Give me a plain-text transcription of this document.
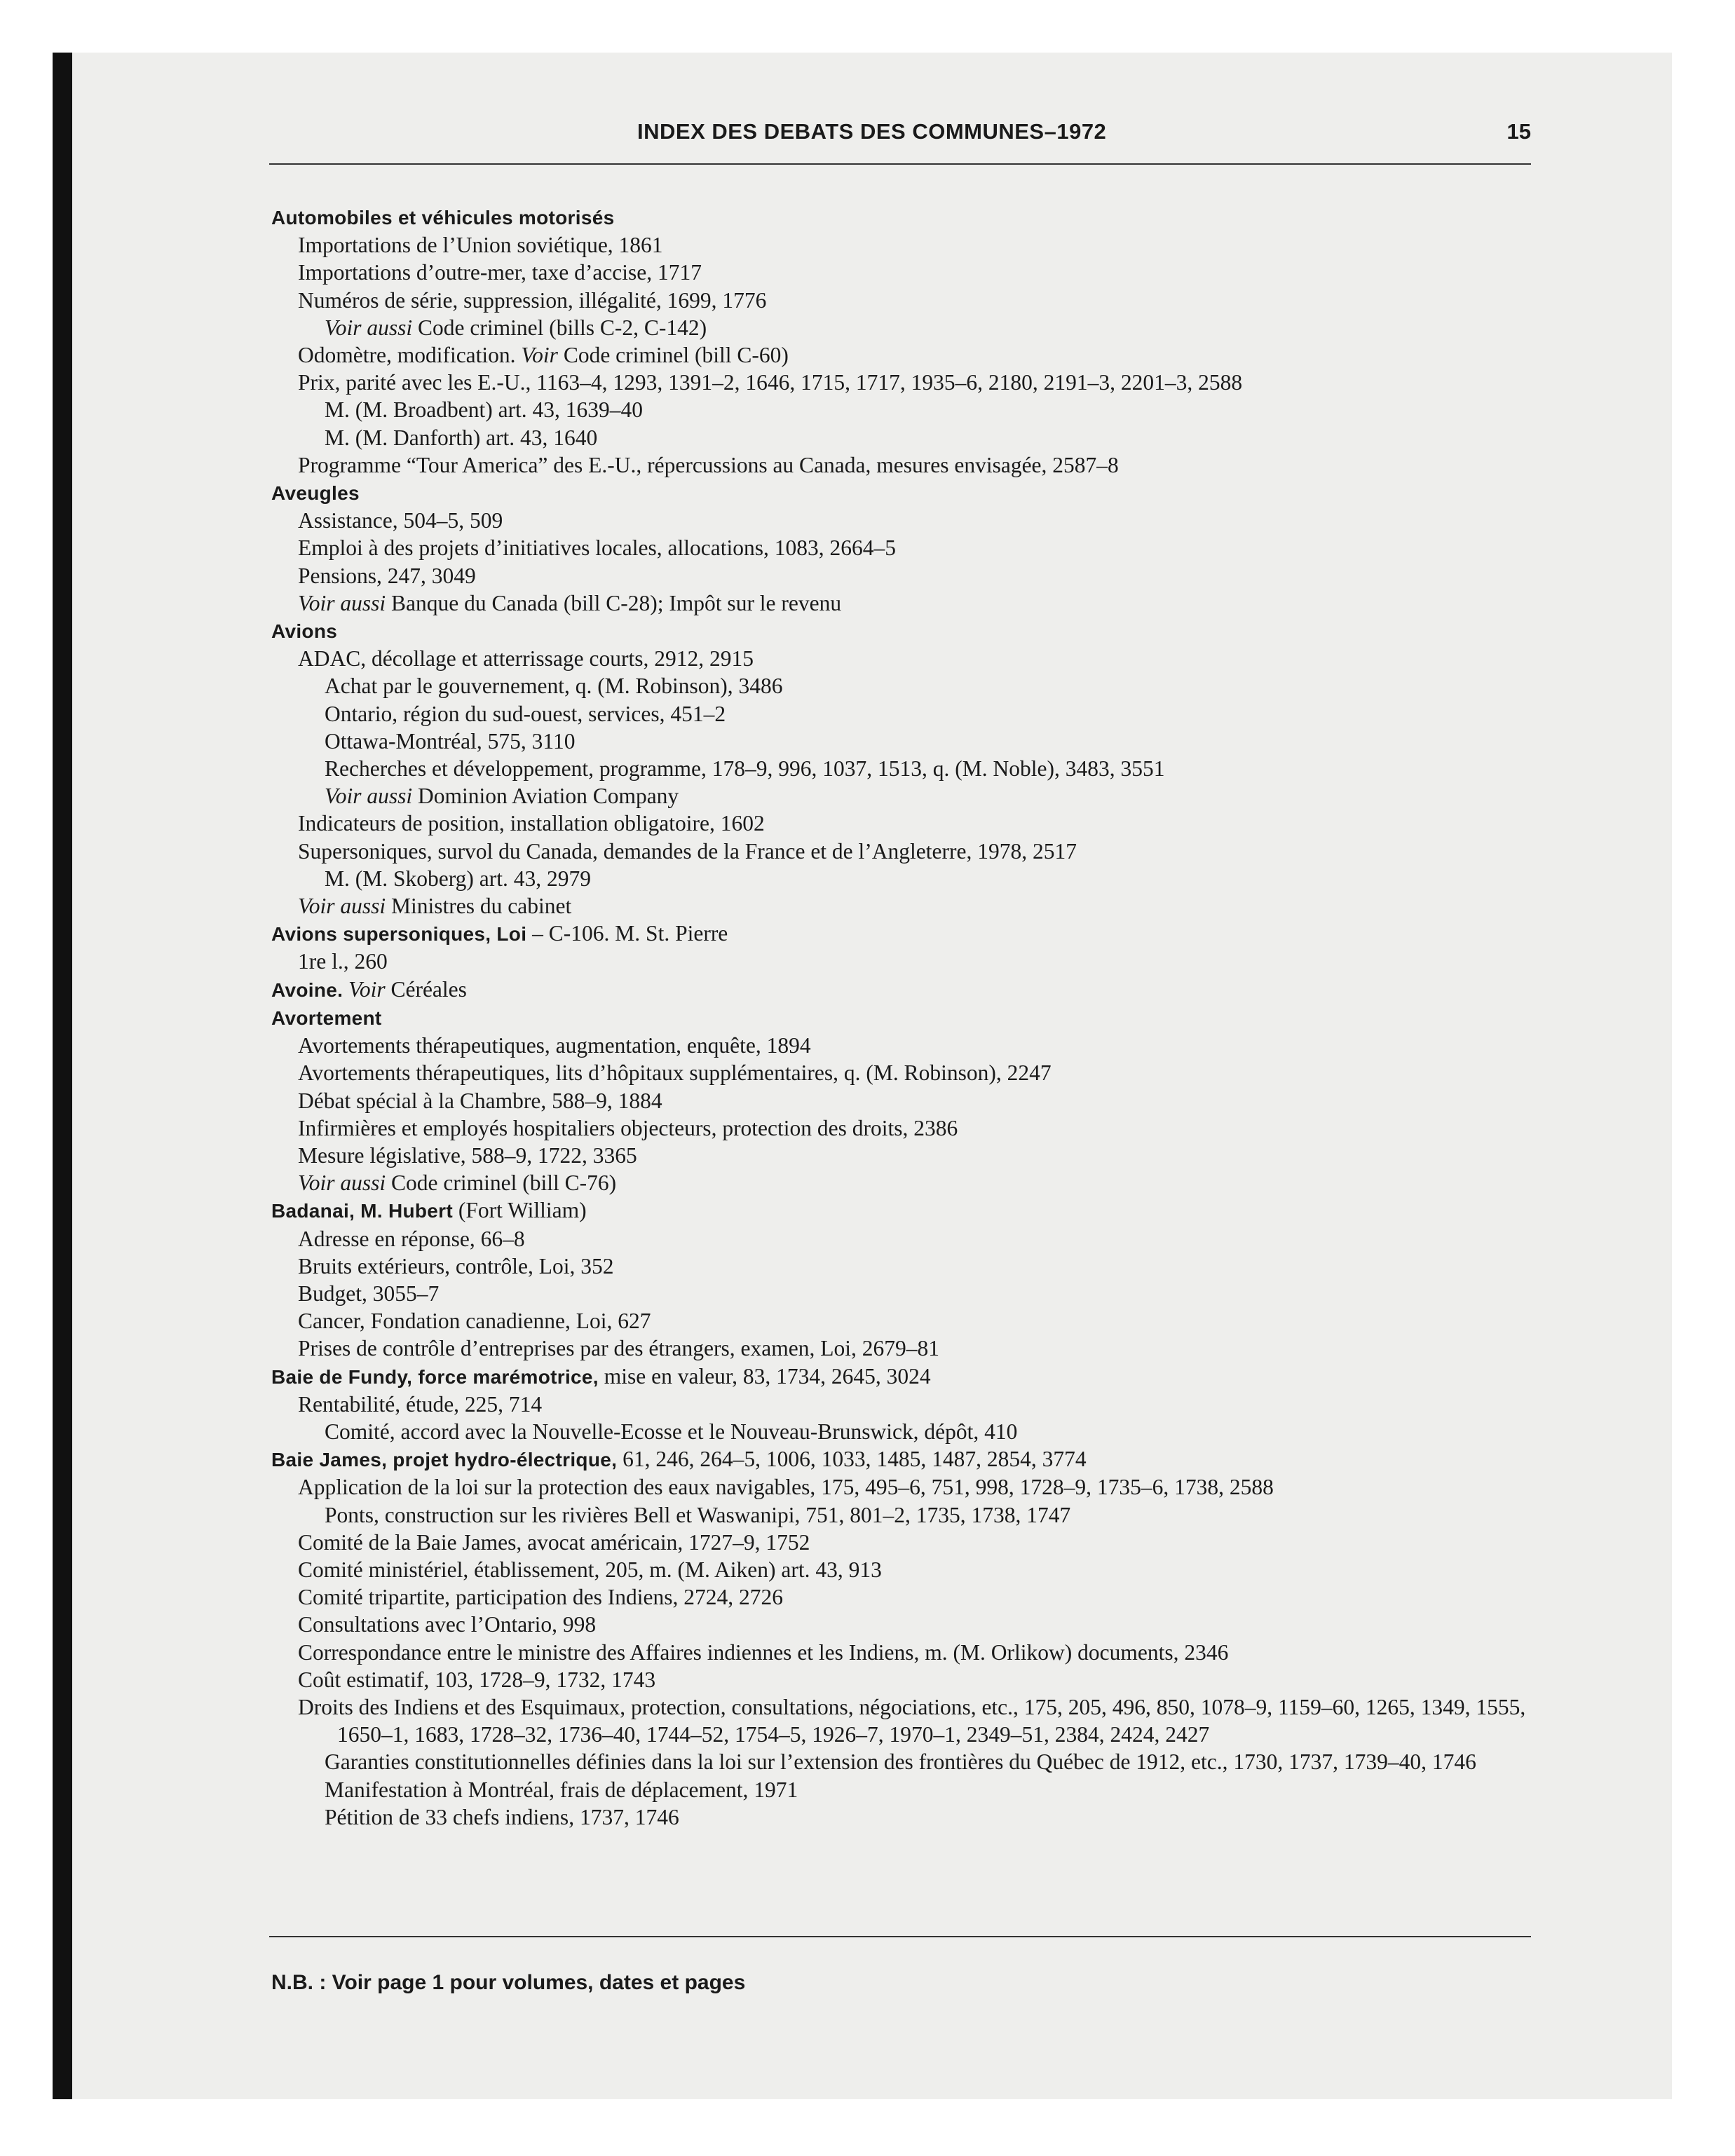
INDEX DES DEBATS DES COMMUNES–1972	15
Automobiles et véhicules motorisés
Importations de l’Union soviétique, 1861
Importations d’outre-mer, taxe d’accise, 1717
Numéros de série, suppression, illégalité, 1699, 1776
Voir aussi Code criminel (bills C-2, C-142)
Odomètre, modification. Voir Code criminel (bill C-60)
Prix, parité avec les E.-U., 1163–4, 1293, 1391–2, 1646, 1715, 1717, 1935–6, 2180, 2191–3, 2201–3, 2588
M. (M. Broadbent) art. 43, 1639–40
M. (M. Danforth) art. 43, 1640
Programme “Tour America” des E.-U., répercussions au Canada, mesures envisagée, 2587–8
Aveugles
Assistance, 504–5, 509
Emploi à des projets d’initiatives locales, allocations, 1083, 2664–5
Pensions, 247, 3049
Voir aussi Banque du Canada (bill C-28); Impôt sur le revenu
Avions
ADAC, décollage et atterrissage courts, 2912, 2915
Achat par le gouvernement, q. (M. Robinson), 3486
Ontario, région du sud-ouest, services, 451–2
Ottawa-Montréal, 575, 3110
Recherches et développement, programme, 178–9, 996, 1037, 1513, q. (M. Noble), 3483, 3551
Voir aussi Dominion Aviation Company
Indicateurs de position, installation obligatoire, 1602
Supersoniques, survol du Canada, demandes de la France et de l’Angleterre, 1978, 2517
M. (M. Skoberg) art. 43, 2979
Voir aussi Ministres du cabinet
Avions supersoniques, Loi – C-106. M. St. Pierre
1re l., 260
Avoine. Voir Céréales
Avortement
Avortements thérapeutiques, augmentation, enquête, 1894
Avortements thérapeutiques, lits d’hôpitaux supplémentaires, q. (M. Robinson), 2247
Débat spécial à la Chambre, 588–9, 1884
Infirmières et employés hospitaliers objecteurs, protection des droits, 2386
Mesure législative, 588–9, 1722, 3365
Voir aussi Code criminel (bill C-76)
Badanai, M. Hubert (Fort William)
Adresse en réponse, 66–8
Bruits extérieurs, contrôle, Loi, 352
Budget, 3055–7
Cancer, Fondation canadienne, Loi, 627
Prises de contrôle d’entreprises par des étrangers, examen, Loi, 2679–81
Baie de Fundy, force marémotrice, mise en valeur, 83, 1734, 2645, 3024
Rentabilité, étude, 225, 714
Comité, accord avec la Nouvelle-Ecosse et le Nouveau-Brunswick, dépôt, 410
Baie James, projet hydro-électrique, 61, 246, 264–5, 1006, 1033, 1485, 1487, 2854, 3774
Application de la loi sur la protection des eaux navigables, 175, 495–6, 751, 998, 1728–9, 1735–6, 1738, 2588
Ponts, construction sur les rivières Bell et Waswanipi, 751, 801–2, 1735, 1738, 1747
Comité de la Baie James, avocat américain, 1727–9, 1752
Comité ministériel, établissement, 205, m. (M. Aiken) art. 43, 913
Comité tripartite, participation des Indiens, 2724, 2726
Consultations avec l’Ontario, 998
Correspondance entre le ministre des Affaires indiennes et les Indiens, m. (M. Orlikow) documents, 2346
Coût estimatif, 103, 1728–9, 1732, 1743
Droits des Indiens et des Esquimaux, protection, consultations, négociations, etc., 175, 205, 496, 850, 1078–9, 1159–60, 1265, 1349, 1555, 1650–1, 1683, 1728–32, 1736–40, 1744–52, 1754–5, 1926–7, 1970–1, 2349–51, 2384, 2424, 2427
Garanties constitutionnelles définies dans la loi sur l’extension des frontières du Québec de 1912, etc., 1730, 1737, 1739–40, 1746
Manifestation à Montréal, frais de déplacement, 1971
Pétition de 33 chefs indiens, 1737, 1746
N.B. : Voir page 1 pour volumes, dates et pages
